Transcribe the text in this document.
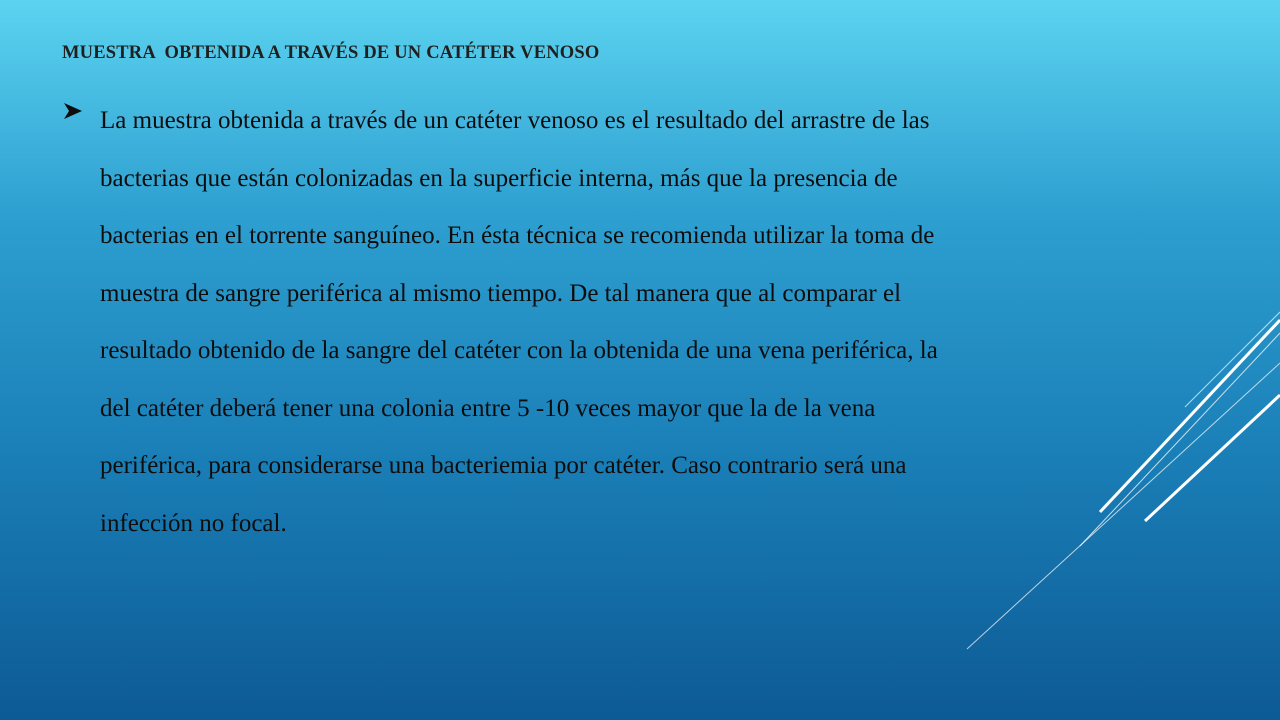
MUESTRA  OBTENIDA A TRAVÉS DE UN CATÉTER VENOSO

La muestra obtenida a través de un catéter venoso es el resultado del arrastre de las
bacterias que están colonizadas en la superficie interna, más que la presencia de
bacterias en el torrente sanguíneo. En ésta técnica se recomienda utilizar la toma de
muestra de sangre periférica al mismo tiempo. De tal manera que al comparar el
resultado obtenido de la sangre del catéter con la obtenida de una vena periférica, la
del catéter deberá tener una colonia entre 5 -10 veces mayor que la de la vena
periférica, para considerarse una bacteriemia por catéter. Caso contrario será una
infección no focal.
